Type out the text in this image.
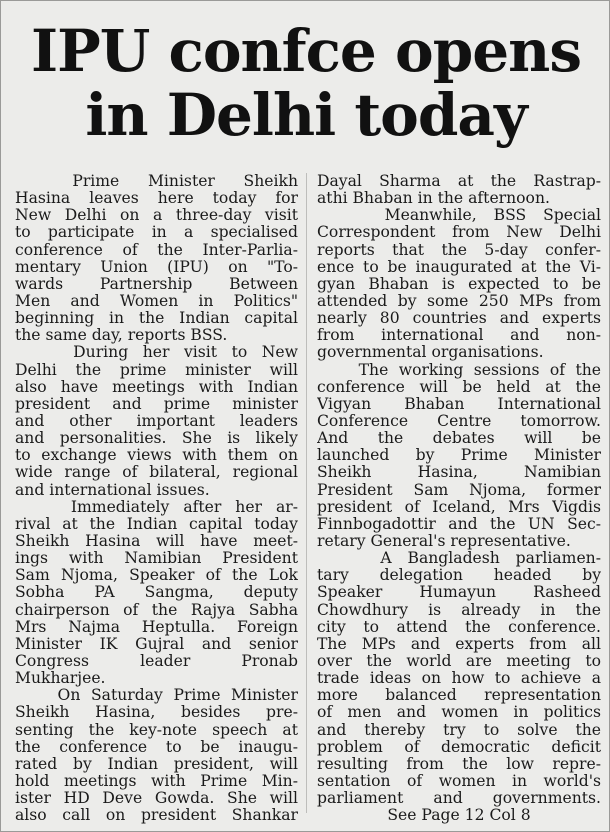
IPU confce opens
in Delhi today
Prime  Minister  Sheikh
Hasina leaves here today for
New Delhi on a three-day visit
to participate in a specialised
conference of the Inter-Parlia-
mentary Union (IPU) on "To-
wards Partnership Between
Men and Women in Politics"
beginning in the Indian capital
the same day, reports BSS.
During her visit to New
Delhi the prime minister will
also have meetings with Indian
president and prime minister
and other important leaders
and personalities. She is likely
to exchange views with them on
wide range of bilateral, regional
and international issues.
Immediately after her ar-
rival at the Indian capital today
Sheikh Hasina will have meet-
ings with Namibian President
Sam Njoma, Speaker of the Lok
Sobha PA Sangma, deputy
chairperson of the Rajya Sabha
Mrs Najma Heptulla. Foreign
Minister IK Gujral and senior
Congress   leader   Pronab
Mukharjee.
On Saturday Prime Minister
Sheikh Hasina, besides pre-
senting the key-note speech at
the conference to be inaugu-
rated by Indian president, will
hold meetings with Prime Min-
ister HD Deve Gowda. She will
also call on president Shankar
Dayal Sharma at the Rastrap-
athi Bhaban in the afternoon.
Meanwhile, BSS Special
Correspondent from New Delhi
reports that the 5-day confer-
ence to be inaugurated at the Vi-
gyan Bhaban is expected to be
attended by some 250 MPs from
nearly 80 countries and experts
from international and non-
governmental organisations.
The working sessions of the
conference will be held at the
Vigyan Bhaban International
Conference Centre tomorrow.
And   the   debates   will   be
launched by Prime Minister
Sheikh Hasina, Namibian
President Sam Njoma, former
president of Iceland, Mrs Vigdis
Finnbogadottir and the UN Sec-
retary General's representative.
A Bangladesh parliamen-
tary delegation headed by
Speaker Humayun Rasheed
Chowdhury is already in the
city to attend the conference.
The MPs and experts from all
over the world are meeting to
trade ideas on how to achieve a
more balanced representation
of men and women in politics
and thereby try to solve the
problem of democratic deficit
resulting from the low repre-
sentation of women in world's
parliament and governments.
See Page 12 Col 8
